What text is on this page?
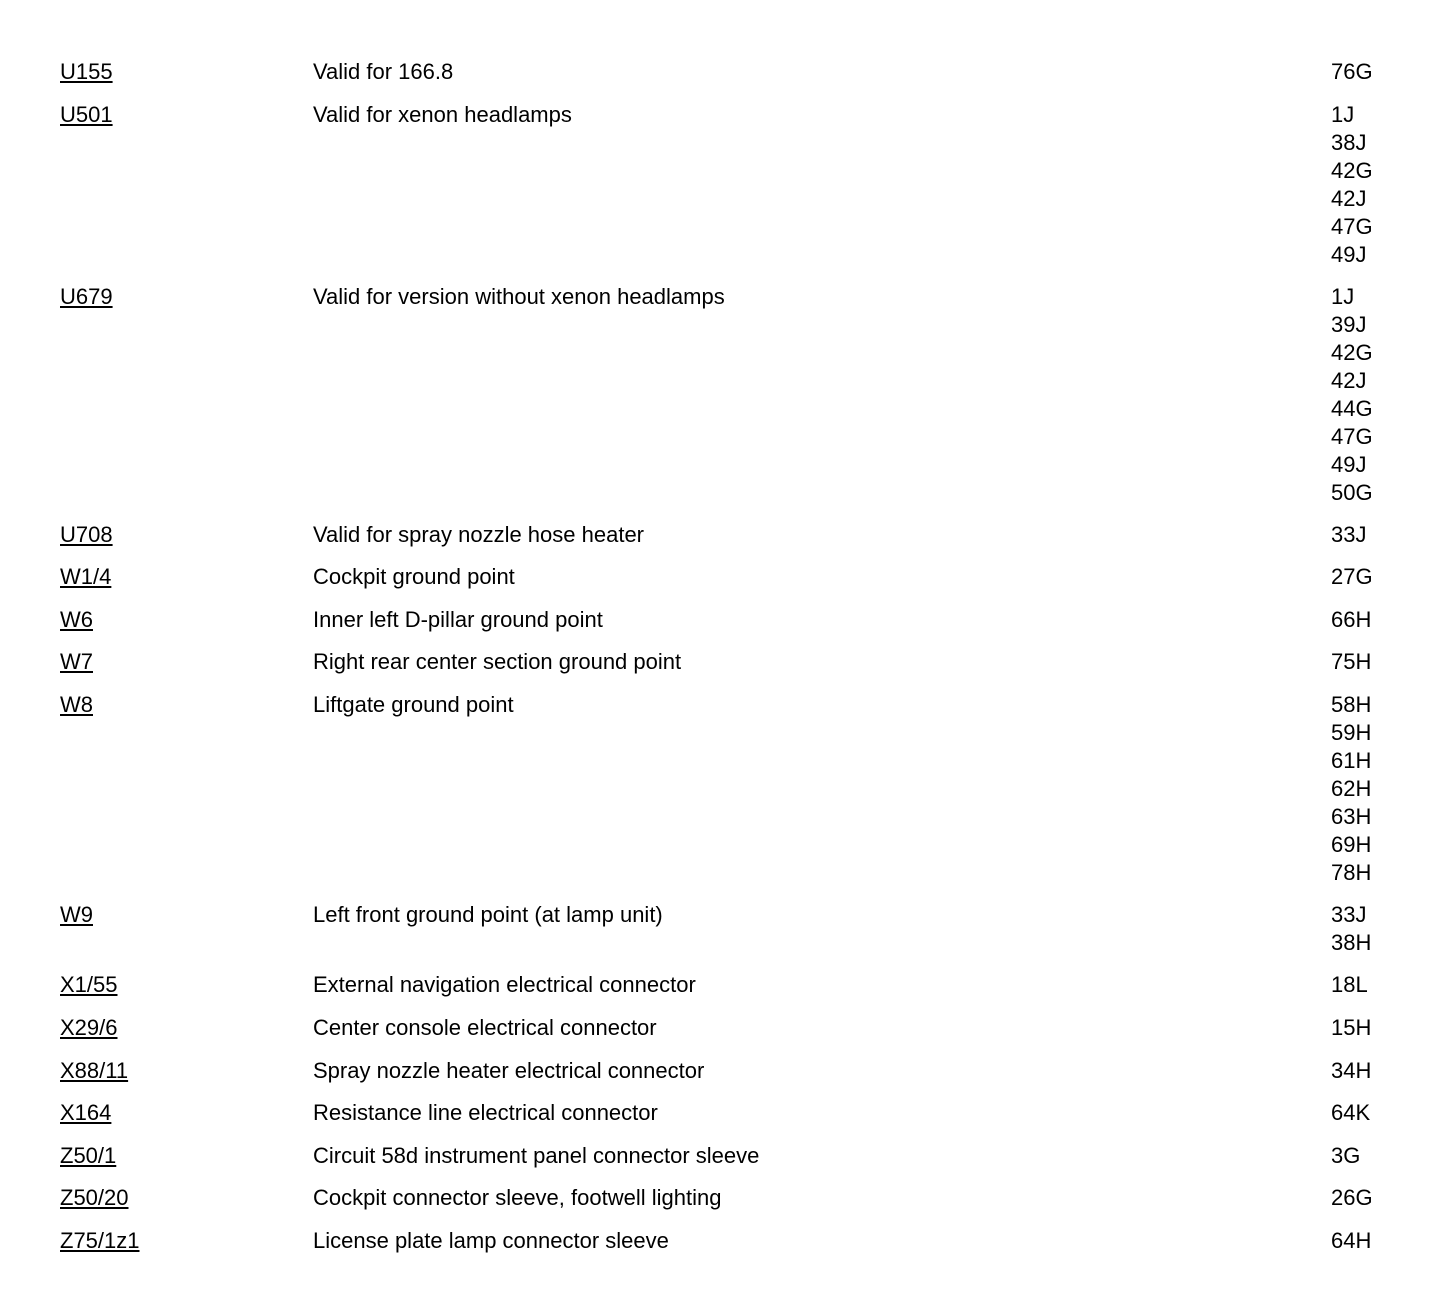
U155	Valid for 166.8	76G
U501	Valid for xenon headlamps	1J
38J
42G
42J
47G
49J
U679	Valid for version without xenon headlamps	1J
39J
42G
42J
44G
47G
49J
50G
U708	Valid for spray nozzle hose heater	33J
W1/4	Cockpit ground point	27G
W6	Inner left D-pillar ground point	66H
W7	Right rear center section ground point	75H
W8	Liftgate ground point	58H
59H
61H
62H
63H
69H
78H
W9	Left front ground point (at lamp unit)	33J
38H
X1/55	External navigation electrical connector	18L
X29/6	Center console electrical connector	15H
X88/11	Spray nozzle heater electrical connector	34H
X164	Resistance line electrical connector	64K
Z50/1	Circuit 58d instrument panel connector sleeve	3G
Z50/20	Cockpit connector sleeve, footwell lighting	26G
Z75/1z1	License plate lamp connector sleeve	64H
